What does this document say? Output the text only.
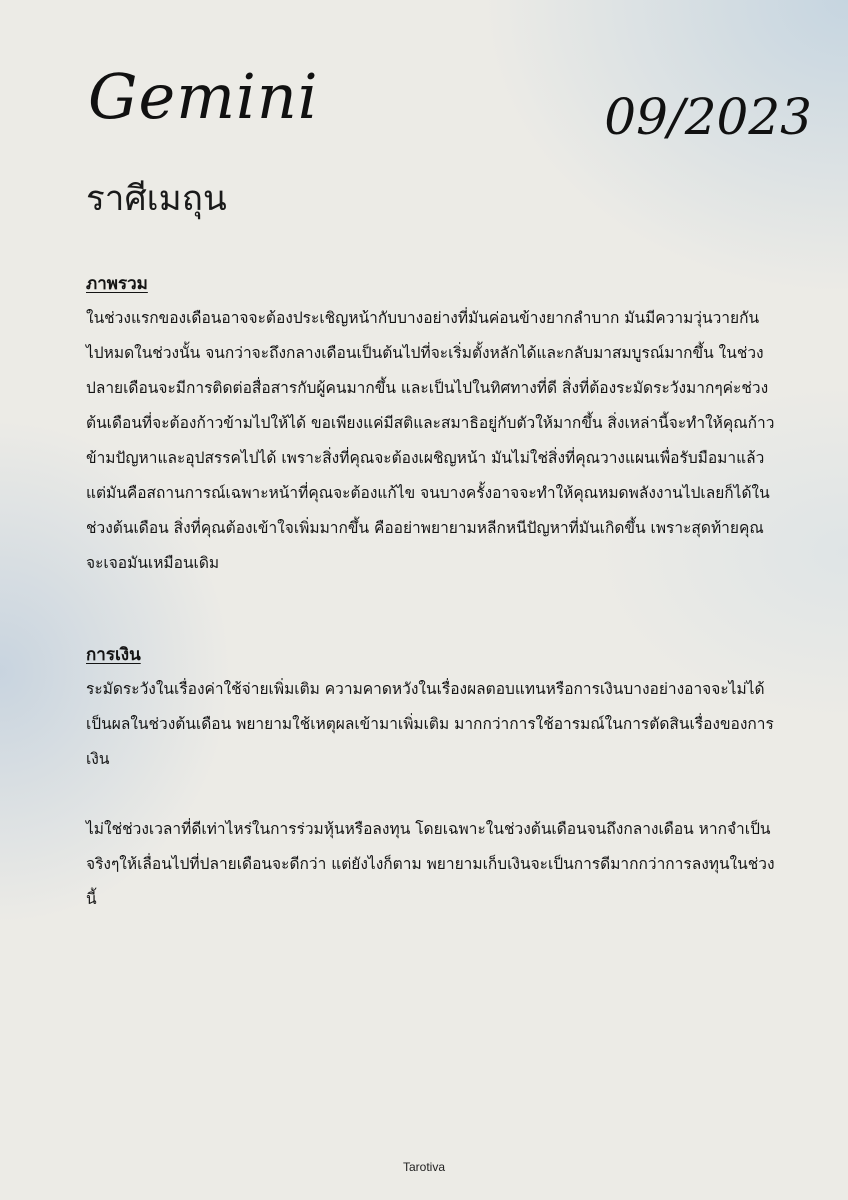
Gemini	09/2023
ราศีเมถุน
ภาพรวม

ในช่วงแรกของเดือนอาจจะต้องประเชิญหน้ากับบางอย่างที่มันค่อนข้างยากลำบาก มันมีความวุ่นวายกันไปหมดในช่วงนั้น จนกว่าจะถึงกลางเดือนเป็นต้นไปที่จะเริ่มตั้งหลักได้และกลับมาสมบูรณ์มากขึ้น ในช่วงปลายเดือนจะมีการติดต่อสื่อสารกับผู้คนมากขึ้น และเป็นไปในทิศทางที่ดี สิ่งที่ต้องระมัดระวังมากๆค่ะช่วงต้นเดือนที่จะต้องก้าวข้ามไปให้ได้ ขอเพียงแค่มีสติและสมาธิอยู่กับตัวให้มากขึ้น สิ่งเหล่านี้จะทำให้คุณก้าวข้ามปัญหาและอุปสรรคไปได้ เพราะสิ่งที่คุณจะต้องเผชิญหน้า มันไม่ใช่สิ่งที่คุณวางแผนเพื่อรับมือมาแล้ว แต่มันคือสถานการณ์เฉพาะหน้าที่คุณจะต้องแก้ไข จนบางครั้งอาจจะทำให้คุณหมดพลังงานไปเลยก็ได้ในช่วงต้นเดือน สิ่งที่คุณต้องเข้าใจเพิ่มมากขึ้น คืออย่าพยายามหลีกหนีปัญหาที่มันเกิดขึ้น เพราะสุดท้ายคุณจะเจอมันเหมือนเดิม

การเงิน

ระมัดระวังในเรื่องค่าใช้จ่ายเพิ่มเติม ความคาดหวังในเรื่องผลตอบแทนหรือการเงินบางอย่างอาจจะไม่ได้เป็นผลในช่วงต้นเดือน พยายามใช้เหตุผลเข้ามาเพิ่มเติม มากกว่าการใช้อารมณ์ในการตัดสินเรื่องของการเงิน

ไม่ใช่ช่วงเวลาที่ดีเท่าไหร่ในการร่วมหุ้นหรือลงทุน โดยเฉพาะในช่วงต้นเดือนจนถึงกลางเดือน หากจำเป็นจริงๆให้เลื่อนไปที่ปลายเดือนจะดีกว่า แต่ยังไงก็ตาม พยายามเก็บเงินจะเป็นการดีมากกว่าการลงทุนในช่วงนี้

Tarotiva
